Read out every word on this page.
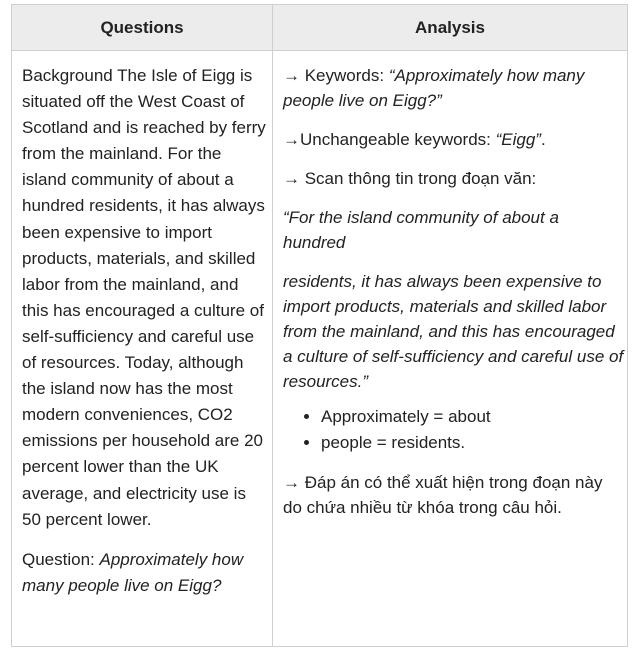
Questions	Analysis

Background The Isle of Eigg is situated off the West Coast of Scotland and is reached by ferry from the mainland. For the island community of about a hundred residents, it has always been expensive to import products, materials, and skilled labor from the mainland, and this has encouraged a culture of self-sufficiency and careful use of resources. Today, although the island now has the most modern conveniences, CO2 emissions per household are 20 percent lower than the UK average, and electricity use is 50 percent lower.

Question: Approximately how many people live on Eigg?

→ Keywords: “Approximately how many people live on Eigg?”

→Unchangeable keywords: “Eigg”.

→ Scan thông tin trong đoạn văn:

“For the island community of about a hundred

residents, it has always been expensive to import products, materials and skilled labor from the mainland, and this has encouraged a culture of self-sufficiency and careful use of resources.”

• Approximately = about
• people = residents.

→ Đáp án có thể xuất hiện trong đoạn này do chứa nhiều từ khóa trong câu hỏi.
